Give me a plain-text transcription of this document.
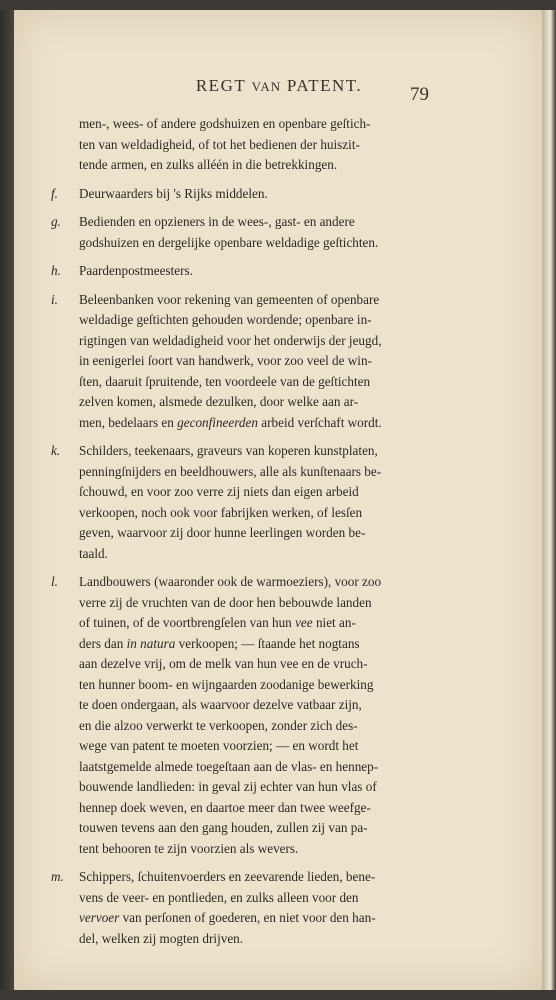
REGT VAN PATENT.	79
men-, wees- of andere godshuizen en openbare geſtich-
ten van weldadigheid, of tot het bedienen der huiszit-
tende armen, en zulks alléén in die betrekkingen.
f. Deurwaarders bij 's Rijks middelen.
g. Bedienden en opzieners in de wees-, gast- en andere
godshuizen en dergelijke openbare weldadige geſtichten.
h. Paardenpostmeesters.
i. Beleenbanken voor rekening van gemeenten of openbare
weldadige geſtichten gehouden wordende; openbare in-
rigtingen van weldadigheid voor het onderwijs der jeugd,
in eenigerlei ſoort van handwerk, voor zoo veel de win-
ſten, daaruit ſpruitende, ten voordeele van de geſtichten
zelven komen, alsmede dezulken, door welke aan ar-
men, bedelaars en geconfineerden arbeid verſchaft wordt.
k. Schilders, teekenaars, graveurs van koperen kunstplaten,
penningſnijders en beeldhouwers, alle als kunſtenaars be-
ſchouwd, en voor zoo verre zij niets dan eigen arbeid
verkoopen, noch ook voor fabrijken werken, of lesſen
geven, waarvoor zij door hunne leerlingen worden be-
taald.
l. Landbouwers (waaronder ook de warmoeziers), voor zoo
verre zij de vruchten van de door hen bebouwde landen
of tuinen, of de voortbrengſelen van hun vee niet an-
ders dan in natura verkoopen; — ſtaande het nogtans
aan dezelve vrij, om de melk van hun vee en de vruch-
ten hunner boom- en wijngaarden zoodanige bewerking
te doen ondergaan, als waarvoor dezelve vatbaar zijn,
en die alzoo verwerkt te verkoopen, zonder zich des-
wege van patent te moeten voorzien; — en wordt het
laatstgemelde almede toegeſtaan aan de vlas- en hennep-
bouwende landlieden: in geval zij echter van hun vlas of
hennep doek weven, en daartoe meer dan twee weefge-
touwen tevens aan den gang houden, zullen zij van pa-
tent behooren te zijn voorzien als wevers.
m. Schippers, ſchuitenvoerders en zeevarende lieden, bene-
vens de veer- en pontlieden, en zulks alleen voor den
vervoer van perſonen of goederen, en niet voor den han-
del, welken zij mogten drijven.
